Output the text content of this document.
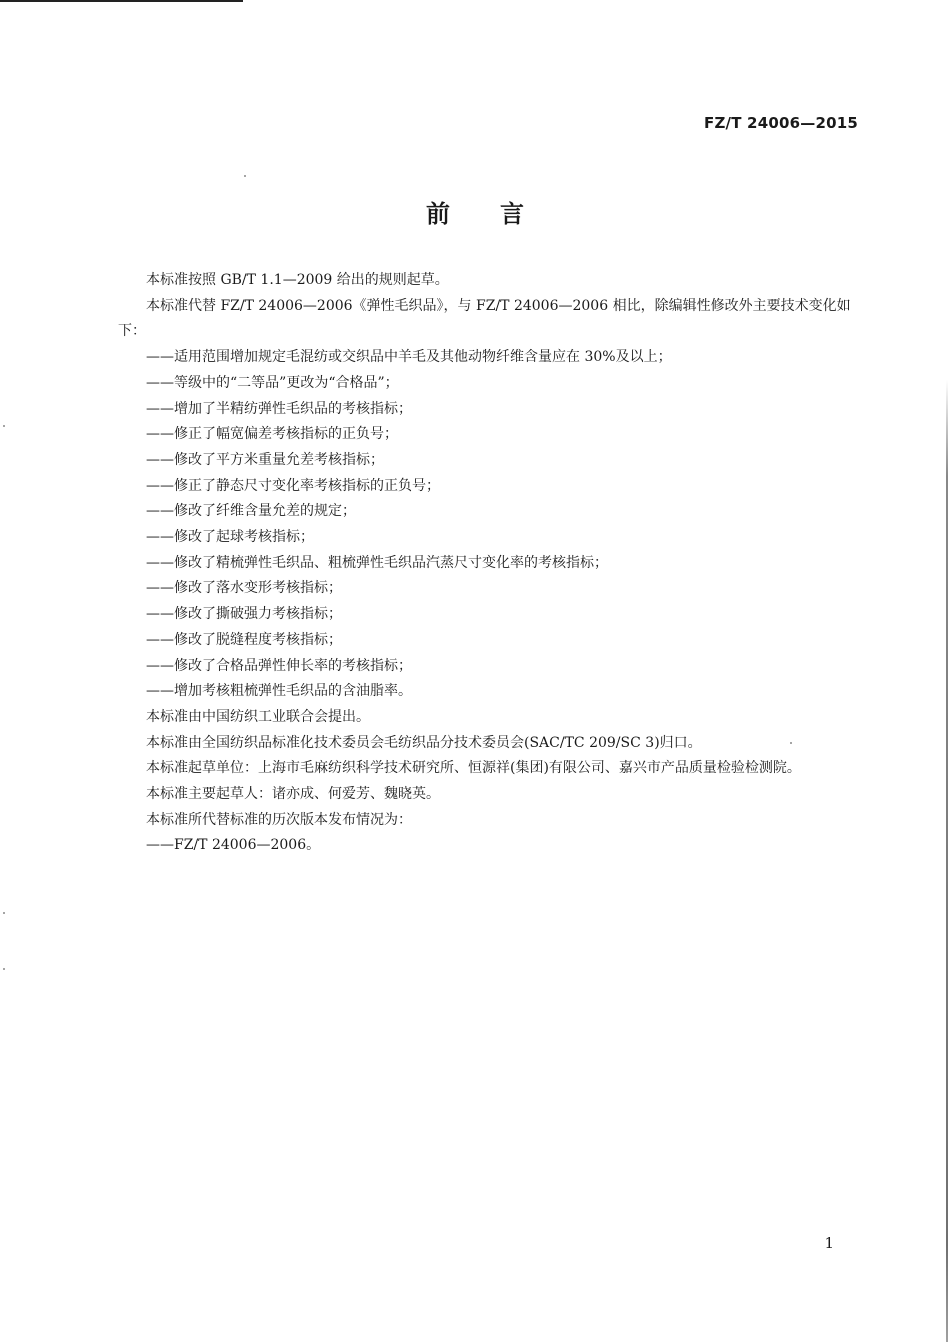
FZ/T 24006—2015
前言

本标准按照 GB/T 1.1—2009 给出的规则起草。

本标准代替 FZ/T 24006—2006《弹性毛织品》，与 FZ/T 24006—2006 相比，除编辑性修改外主要技术变化如下：

——适用范围增加规定毛混纺或交织品中羊毛及其他动物纤维含量应在 30%及以上；

——等级中的“二等品”更改为“合格品”；

——增加了半精纺弹性毛织品的考核指标；

——修正了幅宽偏差考核指标的正负号；

——修改了平方米重量允差考核指标；

——修正了静态尺寸变化率考核指标的正负号；

——修改了纤维含量允差的规定；

——修改了起球考核指标；

——修改了精梳弹性毛织品、粗梳弹性毛织品汽蒸尺寸变化率的考核指标；

——修改了落水变形考核指标；

——修改了撕破强力考核指标；

——修改了脱缝程度考核指标；

——修改了合格品弹性伸长率的考核指标；

——增加考核粗梳弹性毛织品的含油脂率。

本标准由中国纺织工业联合会提出。

本标准由全国纺织品标准化技术委员会毛纺织品分技术委员会(SAC/TC 209/SC 3)归口。

本标准起草单位：上海市毛麻纺织科学技术研究所、恒源祥(集团)有限公司、嘉兴市产品质量检验检测院。

本标准主要起草人：诸亦成、何爱芳、魏晓英。

本标准所代替标准的历次版本发布情况为：

——FZ/T 24006—2006。

1
